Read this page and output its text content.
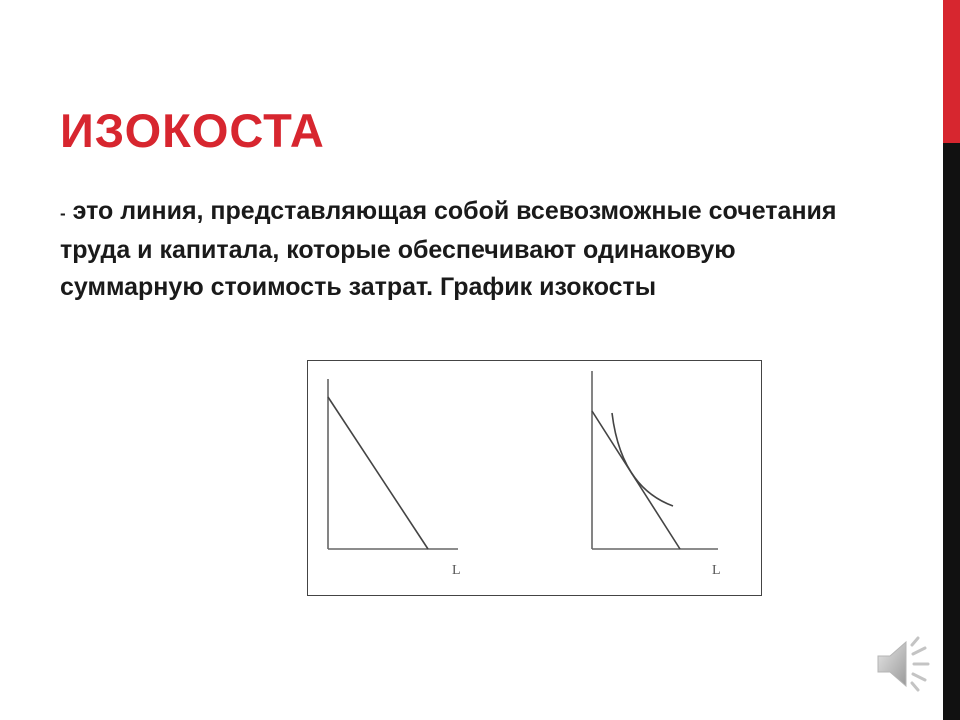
ИЗОКОСТА

- это линия, представляющая собой всевозможные сочетания труда и капитала, которые обеспечивают одинаковую суммарную стоимость затрат. График изокосты

L	L
